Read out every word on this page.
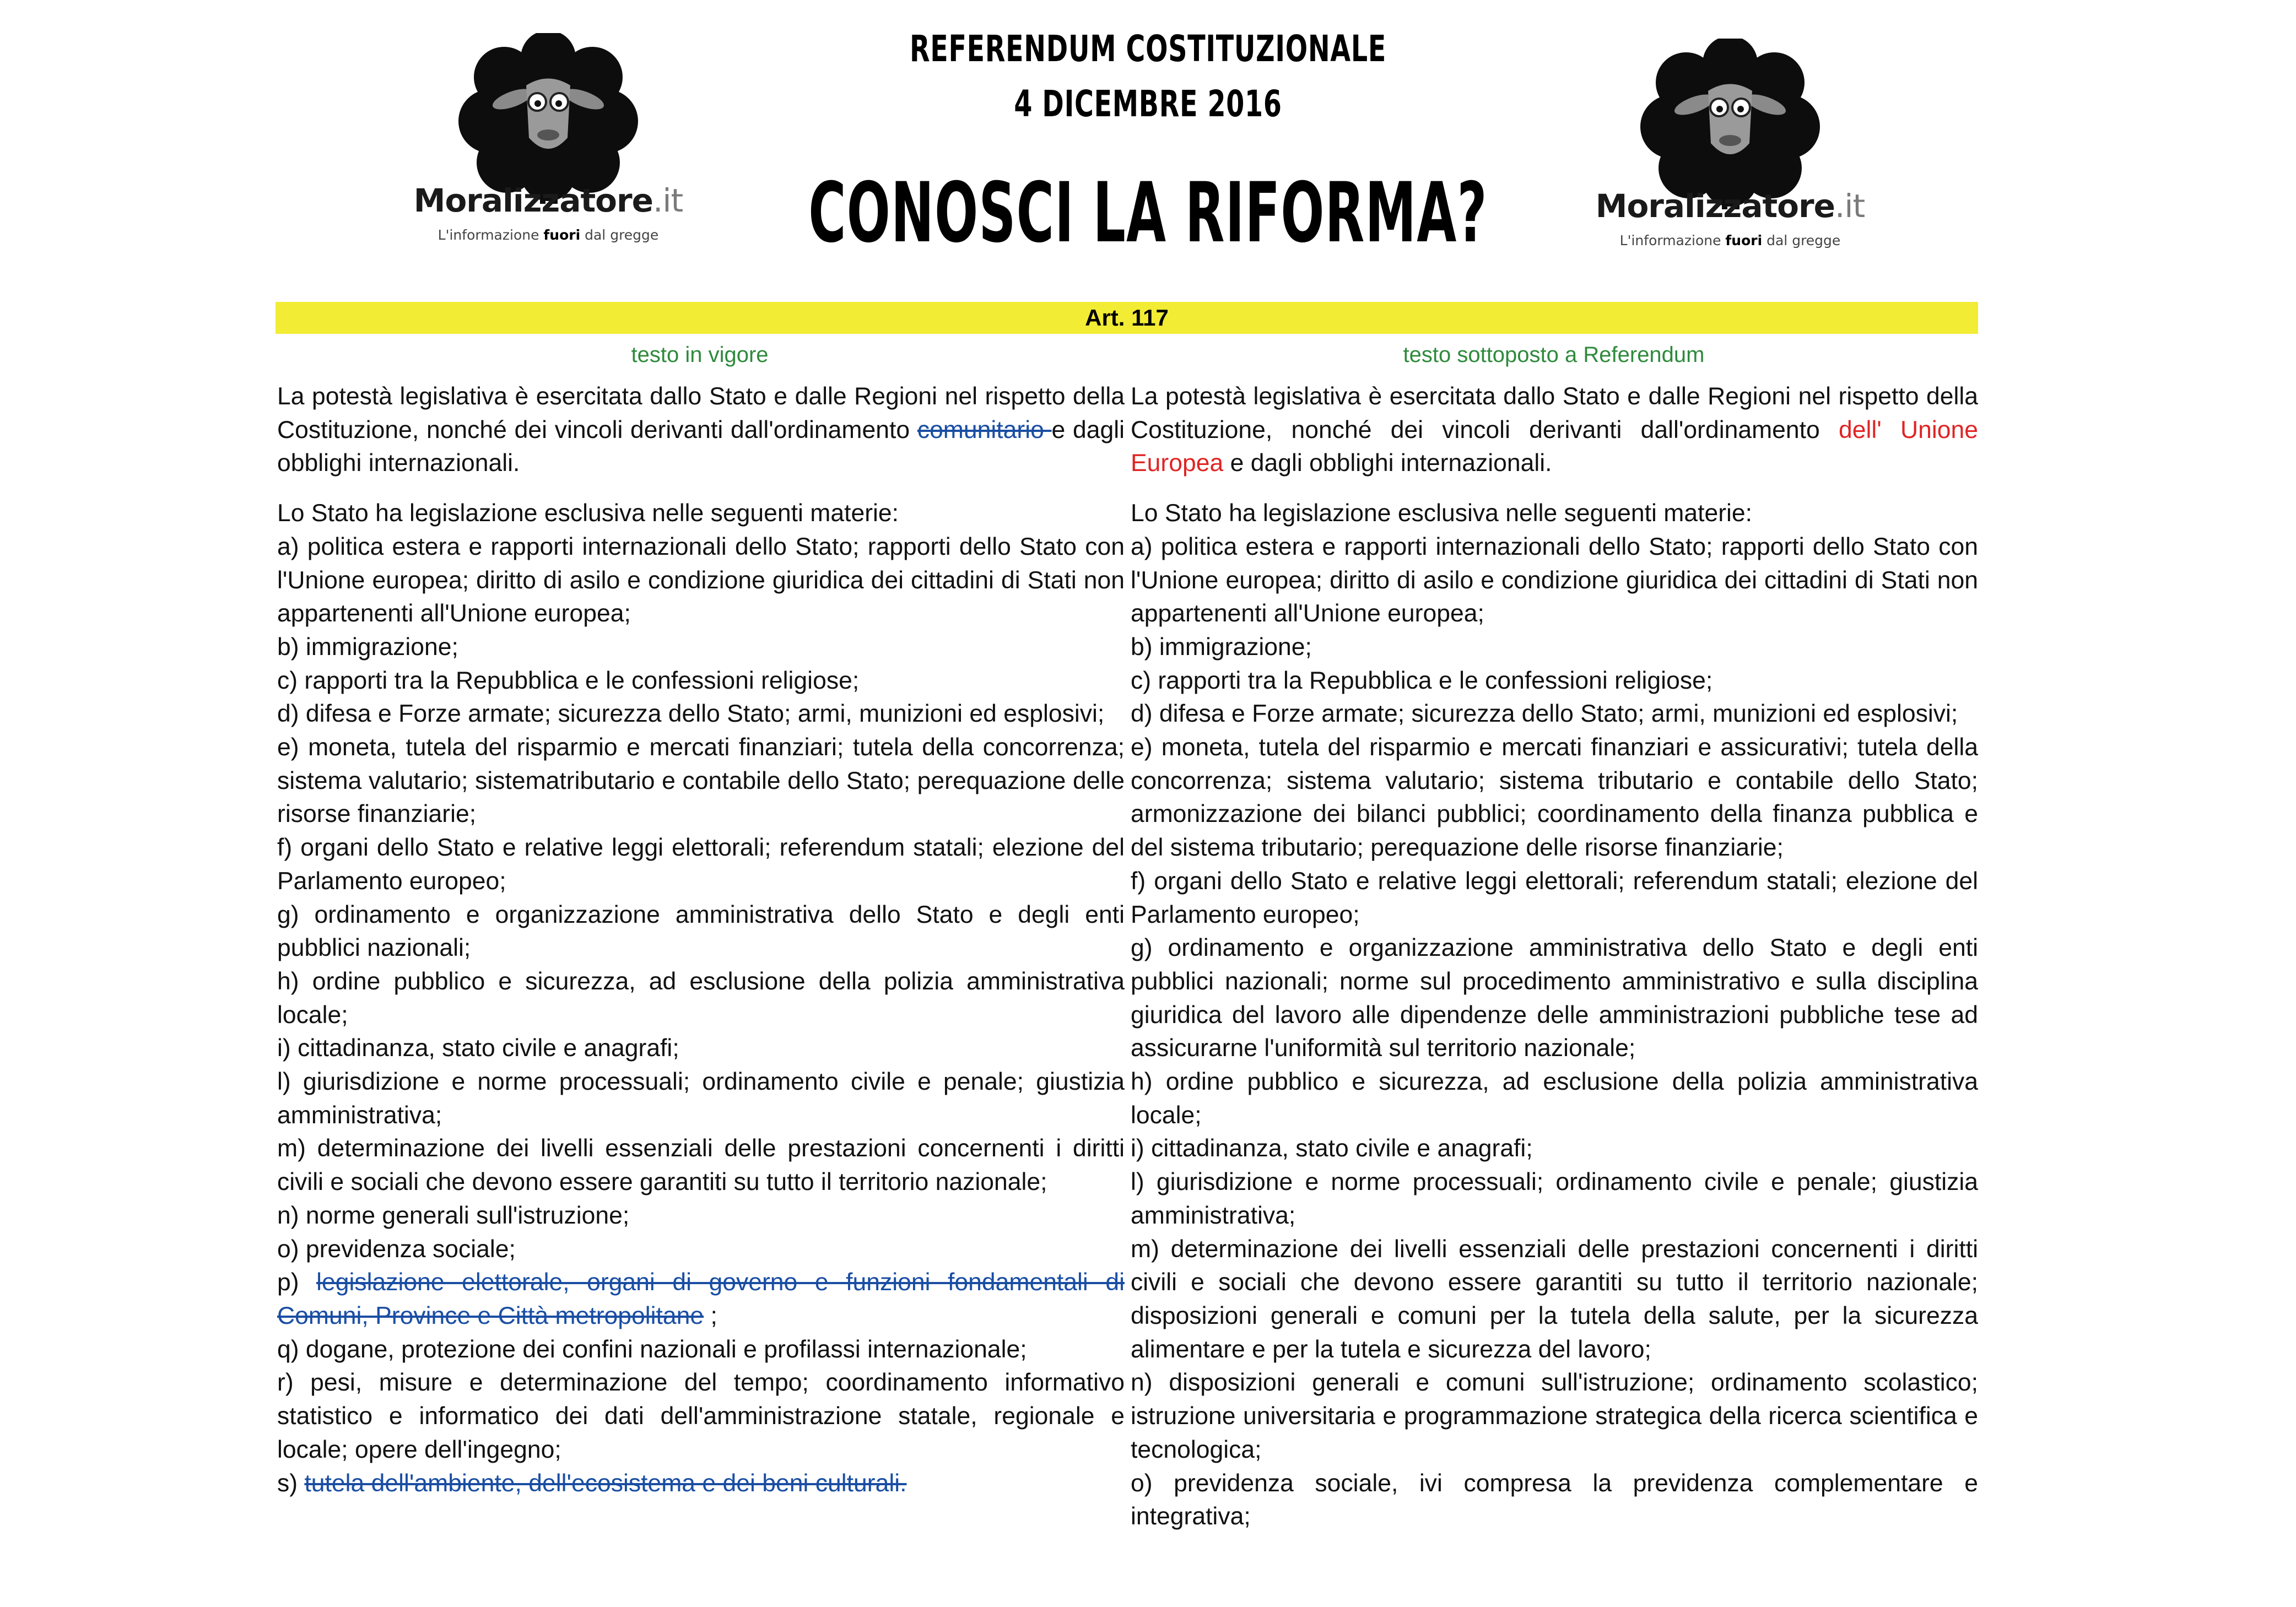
REFERENDUM COSTITUZIONALE
4 DICEMBRE 2016
CONOSCI LA RIFORMA?
Moralizzatore.it
L'informazione fuori dal gregge
Moralizzatore.it
L'informazione fuori dal gregge
Art. 117
testo in vigore	testo sottoposto a Referendum

La potestà legislativa è esercitata dallo Stato e dalle Regioni nel rispetto della Costituzione, nonché dei vincoli derivanti dall'ordinamento comunitario e dagli obblighi internazionali.

Lo Stato ha legislazione esclusiva nelle seguenti materie:

a) politica estera e rapporti internazionali dello Stato; rapporti dello Stato con l'Unione europea; diritto di asilo e condizione giuridica dei cittadini di Stati non appartenenti all'Unione europea;

b) immigrazione;

c) rapporti tra la Repubblica e le confessioni religiose;

d) difesa e Forze armate; sicurezza dello Stato; armi, munizioni ed esplosivi;

e) moneta, tutela del risparmio e mercati finanziari; tutela della concorrenza; sistema valutario; sistematributario e contabile dello Stato; perequazione delle risorse finanziarie;

f) organi dello Stato e relative leggi elettorali; referendum statali; elezione del Parlamento europeo;

g) ordinamento e organizzazione amministrativa dello Stato e degli enti pubblici nazionali;

h) ordine pubblico e sicurezza, ad esclusione della polizia amministrativa locale;

i) cittadinanza, stato civile e anagrafi;

l) giurisdizione e norme processuali; ordinamento civile e penale; giustizia amministrativa;

m) determinazione dei livelli essenziali delle prestazioni concernenti i diritti civili e sociali che devono essere garantiti su tutto il territorio nazionale;

n) norme generali sull'istruzione;

o) previdenza sociale;

p) legislazione elettorale, organi di governo e funzioni fondamentali di Comuni, Province e Città metropolitane ;

q) dogane, protezione dei confini nazionali e profilassi internazionale;

r) pesi, misure e determinazione del tempo; coordinamento informativo statistico e informatico dei dati dell'amministrazione statale, regionale e locale; opere dell'ingegno;

s) tutela dell'ambiente, dell'ecosistema e dei beni culturali.

La potestà legislativa è esercitata dallo Stato e dalle Regioni nel rispetto della Costituzione, nonché dei vincoli derivanti dall'ordinamento dell' Unione Europea e dagli obblighi internazionali.

Lo Stato ha legislazione esclusiva nelle seguenti materie:

a) politica estera e rapporti internazionali dello Stato; rapporti dello Stato con l'Unione europea; diritto di asilo e condizione giuridica dei cittadini di Stati non appartenenti all'Unione europea;

b) immigrazione;

c) rapporti tra la Repubblica e le confessioni religiose;

d) difesa e Forze armate; sicurezza dello Stato; armi, munizioni ed esplosivi;

e) moneta, tutela del risparmio e mercati finanziari e assicurativi; tutela della concorrenza; sistema valutario; sistema tributario e contabile dello Stato; armonizzazione dei bilanci pubblici; coordinamento della finanza pubblica e del sistema tributario; perequazione delle risorse finanziarie;

f) organi dello Stato e relative leggi elettorali; referendum statali; elezione del Parlamento europeo;

g) ordinamento e organizzazione amministrativa dello Stato e degli enti pubblici nazionali; norme sul procedimento amministrativo e sulla disciplina giuridica del lavoro alle dipendenze delle amministrazioni pubbliche tese ad assicurarne l'uniformità sul territorio nazionale;

h) ordine pubblico e sicurezza, ad esclusione della polizia amministrativa locale;

i) cittadinanza, stato civile e anagrafi;

l) giurisdizione e norme processuali; ordinamento civile e penale; giustizia amministrativa;

m) determinazione dei livelli essenziali delle prestazioni concernenti i diritti civili e sociali che devono essere garantiti su tutto il territorio nazionale; disposizioni generali e comuni per la tutela della salute, per la sicurezza alimentare e per la tutela e sicurezza del lavoro;

n) disposizioni generali e comuni sull'istruzione; ordinamento scolastico; istruzione universitaria e programmazione strategica della ricerca scientifica e tecnologica;

o) previdenza sociale, ivi compresa la previdenza complementare e integrativa;
